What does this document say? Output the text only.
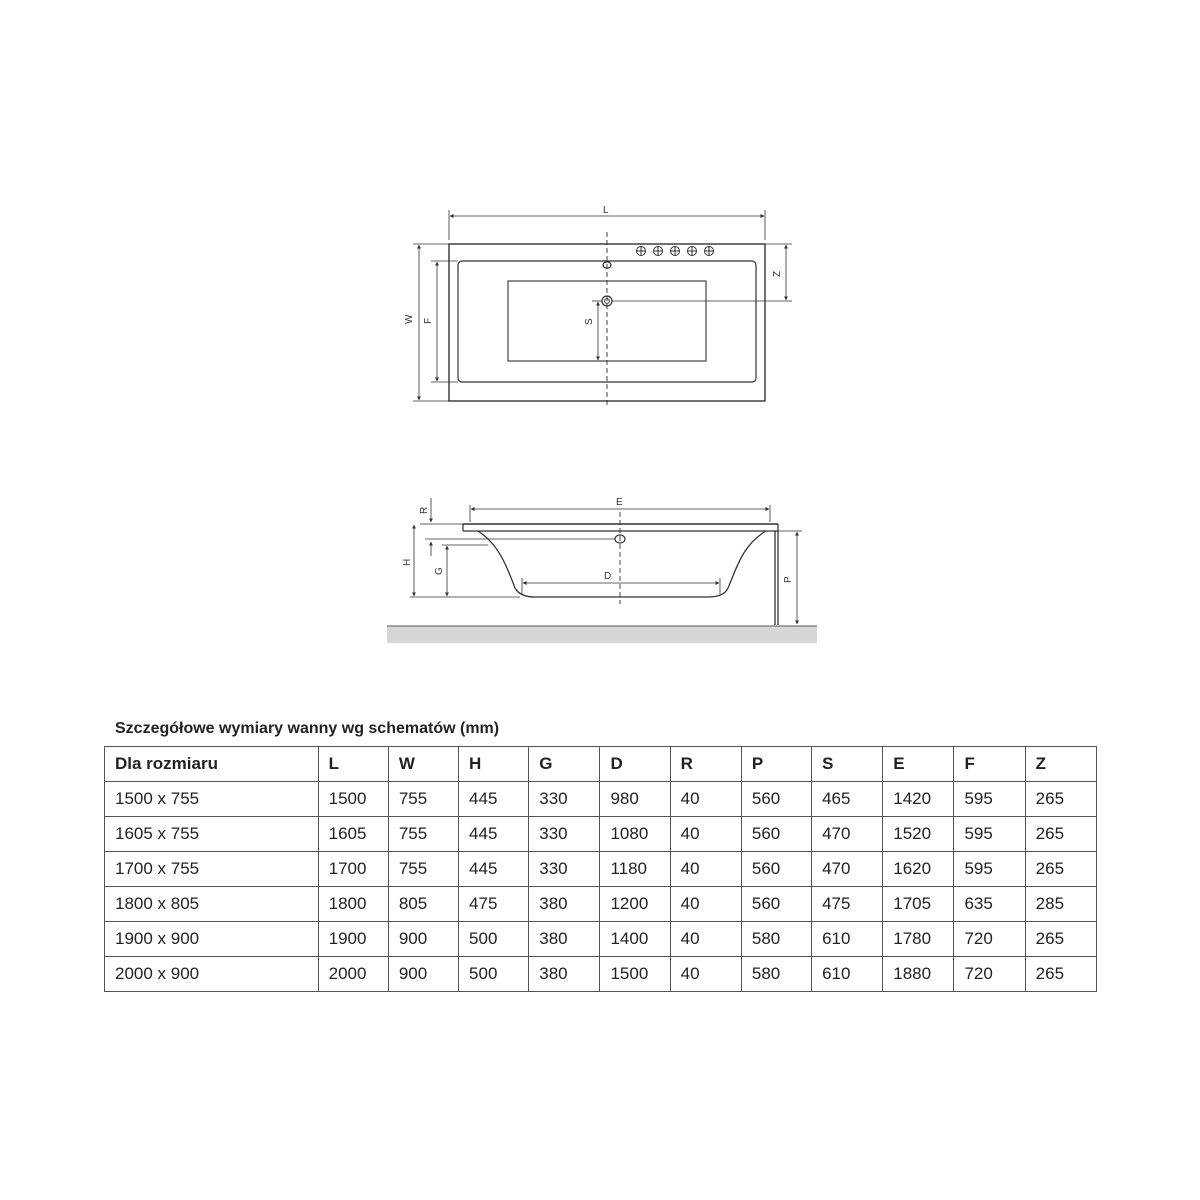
L
W F	S
Z
E
R
H
G	D	P
Szczegółowe wymiary wanny wg schematów (mm)
Dla rozmiaru	L	W	H	G	D	R	P	S	E	F	Z
1500 x 755	1500	755	445	330	980	40	560	465	1420	595	265
1605 x 755	1605	755	445	330	1080	40	560	470	1520	595	265
1700 x 755	1700	755	445	330	1180	40	560	470	1620	595	265
1800 x 805	1800	805	475	380	1200	40	560	475	1705	635	285
1900 x 900	1900	900	500	380	1400	40	580	610	1780	720	265
2000 x 900	2000	900	500	380	1500	40	580	610	1880	720	265
